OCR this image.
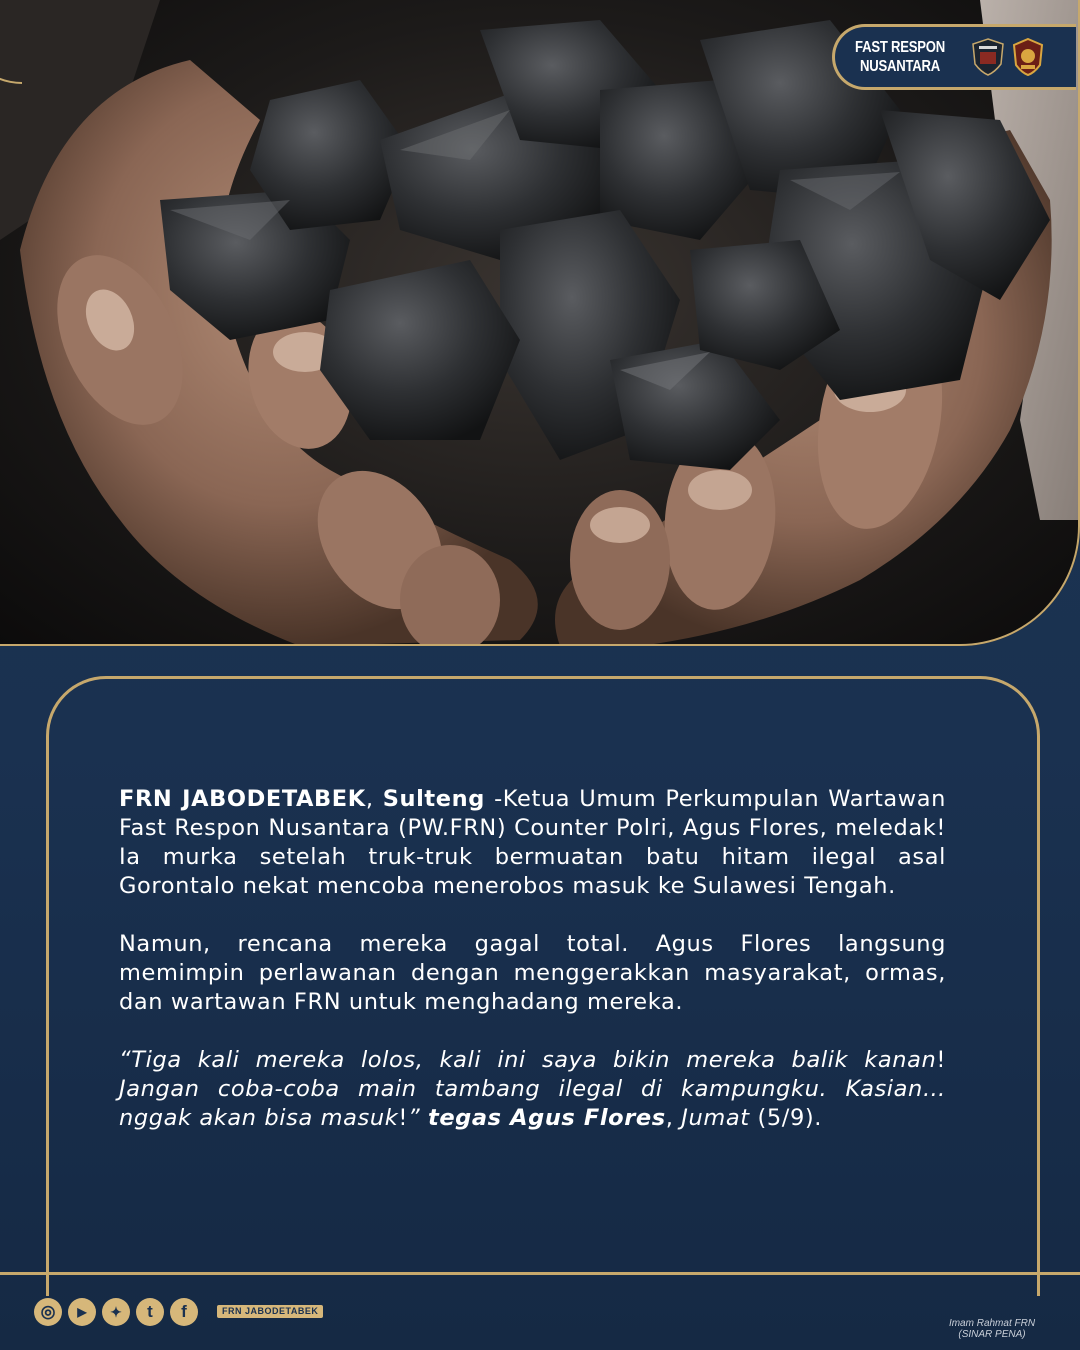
FAST RESPON
NUSANTARA

FRN JABODETABEK, Sulteng -Ketua Umum Perkumpulan Wartawan Fast Respon Nusantara (PW.FRN) Counter Polri, Agus Flores, meledak! Ia murka setelah truk-truk bermuatan batu hitam ilegal asal Gorontalo nekat mencoba menerobos masuk ke Sulawesi Tengah.

Namun, rencana mereka gagal total. Agus Flores langsung memimpin perlawanan dengan menggerakkan masyarakat, ormas, dan wartawan FRN untuk menghadang mereka.

“Tiga kali mereka lolos, kali ini saya bikin mereka balik kanan! Jangan coba-coba main tambang ilegal di kampungku. Kasian… nggak akan bisa masuk!” tegas Agus Flores, Jumat (5/9).

◎	▶	✦	t	f	FRN JABODETABEK
Imam Rahmat FRN
(SINAR PENA)
